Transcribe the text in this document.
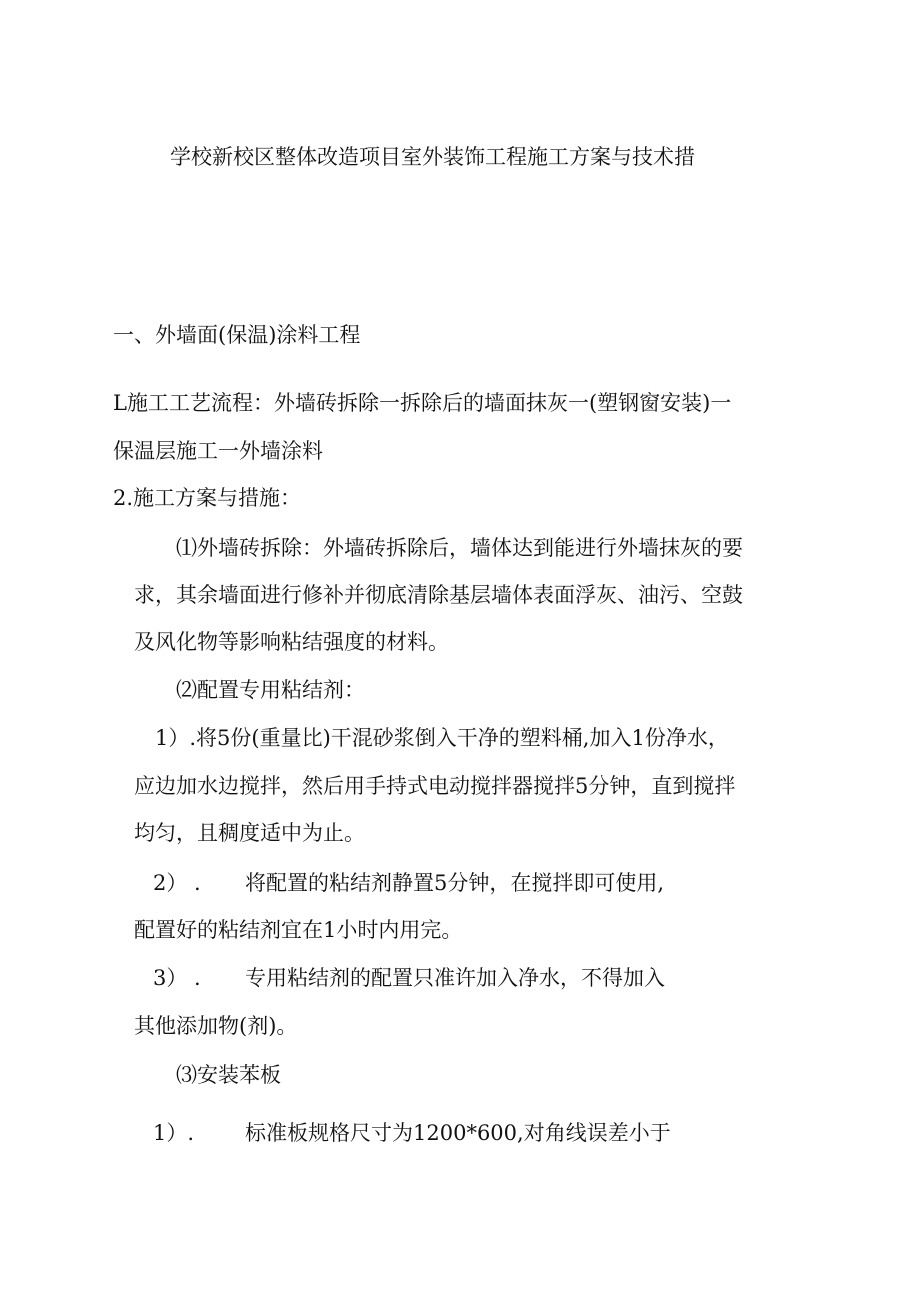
学校新校区整体改造项目室外装饰工程施工方案与技术措
一、外墙面(保温)涂料工程
L施工工艺流程：外墙砖拆除一拆除后的墙面抹灰一(塑钢窗安装)一
保温层施工一外墙涂料
2.施工方案与措施：
⑴外墙砖拆除：外墙砖拆除后，墙体达到能进行外墙抹灰的要
求，其余墙面进行修补并彻底清除基层墙体表面浮灰、油污、空鼓
及风化物等影响粘结强度的材料。
⑵配置专用粘结剂：
1）.将5份(重量比)干混砂浆倒入干净的塑料桶,加入1份净水，
应边加水边搅拌，然后用手持式电动搅拌器搅拌5分钟，直到搅拌
均匀，且稠度适中为止。
2） . 将配置的粘结剂静置5分钟，在搅拌即可使用,
配置好的粘结剂宜在1小时内用完。
3） . 专用粘结剂的配置只准许加入净水，不得加入
其他添加物(剂)。
⑶安装苯板
1）. 标准板规格尺寸为1200*600,对角线误差小于
